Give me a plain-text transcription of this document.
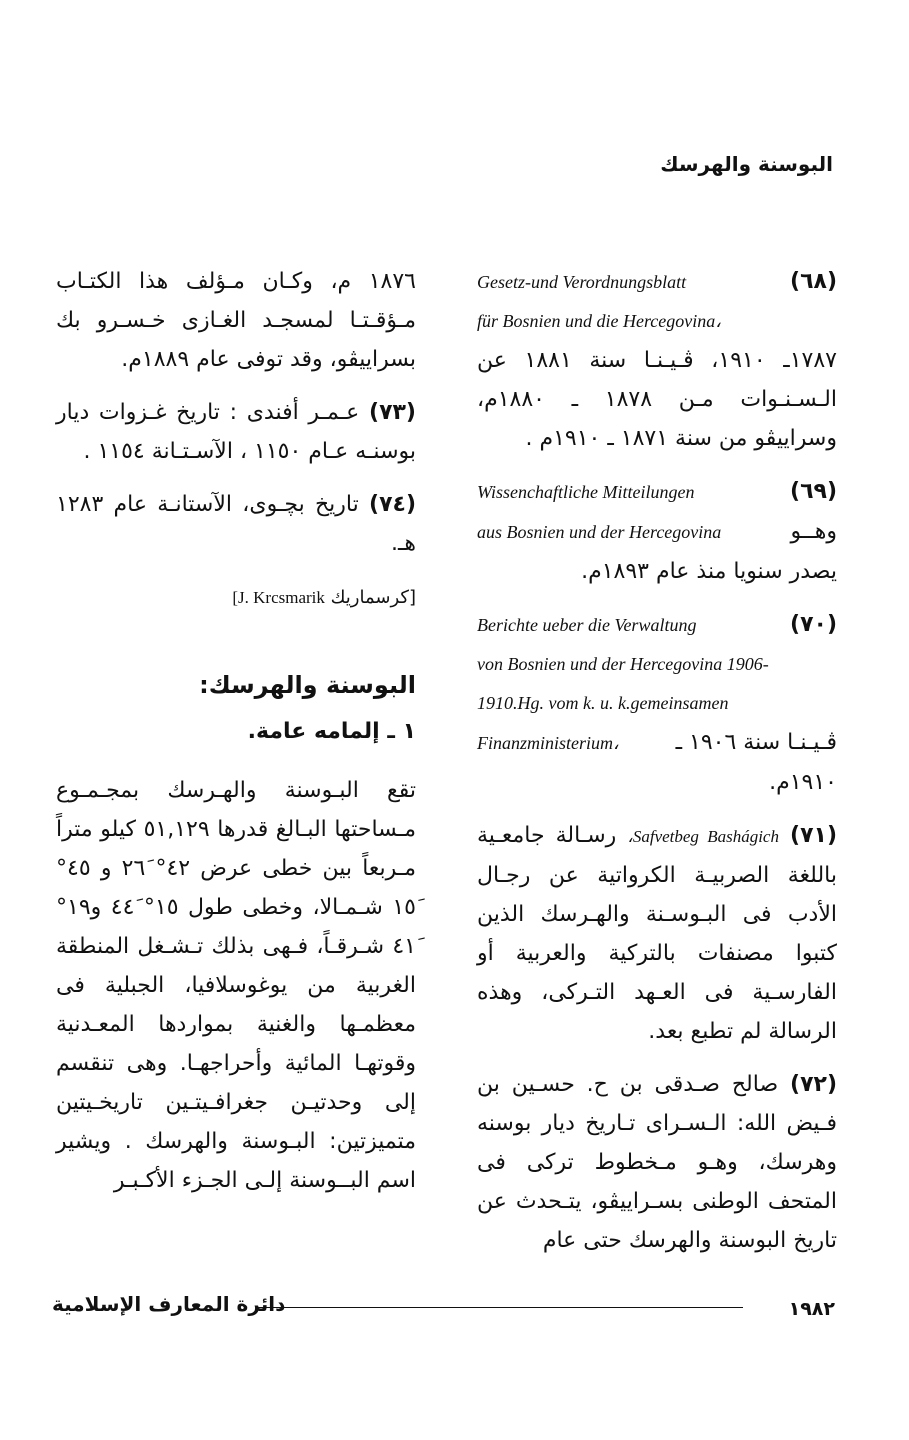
البوسنة والهرسك
(٦٨)
Gesetz-und Verordnungsblatt
für Bosnien und die Hercegovina،
١٧٨٧ـ ١٩١٠، ڤـيـنـا سنة ١٨٨١ عن الـسـنـوات مـن ١٨٧٨ ـ ١٨٨٠م، وسراييڤو من سنة ١٨٧١ ـ ١٩١٠م .
(٦٩)
Wissenchaftliche Mitteilungen
وهــو
aus Bosnien und der Hercegovina
يصدر سنويا منذ عام ١٨٩٣م.
(٧٠)
Berichte ueber die Verwaltung
von Bosnien und der Hercegovina 1906-
1910.Hg. vom k. u. k.gemeinsamen
ڤـيـنـا سنة ١٩٠٦ ـ
Finanzministerium،
١٩١٠م.
(٧١) Safvetbeg Bashágich، رسـالة جامعـية باللغة الصربيـة الكرواتية عن رجـال الأدب فى البـوسـنة والهـرسك الذين كتبوا مصنفات بالتركية والعربية أو الفارسـية فى العـهد التـركى، وهذه الرسالة لم تطبع بعد.
(٧٢) صالح صـدقى بن ح. حسـين بن فـيض الله: الـسـراى تـاريخ ديار بوسنه وهرسك، وهـو مـخطوط تركى فى المتحف الوطنى بسـراييڤو، يتـحدث عن تاريخ البوسنة والهرسك حتى عام
١٨٧٦ م، وكـان مـؤلف هذا الكتـاب مـؤقـتـا لمسجـد الغـازى خـسـرو بك بسراييڤو، وقد توفى عام ١٨٨٩م.
(٧٣) عـمـر أفندى : تاريخ غـزوات ديار بوسنـه عـام ١١٥٠ ، الآسـتـانة ١١٥٤ .
(٧٤) تاريخ بچـوى، الآستانـة عام ١٢٨٣ هـ.
[كرسماريك J. Krcsmarik]
البوسنة والهرسك:
١ ـ إلمامه عامة.
تقع البـوسنة والهـرسك بمجـمـوع مـساحتها البـالغ قدرها ٥١,١٢٩ كيلو متراً مـربعاً بين خطى عرض ٤٢° ٢٦َ و ٤٥° ١٥َ شـمـالا، وخطى طول ١٥° ٤٤َ و١٩° ٤١َ شـرقـاً، فـهى بذلك تـشـغل المنطقة الغربية من يوغوسلافيا، الجبلية فى معظمـها والغنية بمواردها المعـدنية وقوتهـا المائية وأحراجهـا. وهى تنقسم إلى وحدتيـن جغرافـيتـين تاريخـيتين متميزتين: البـوسنة والهرسك . ويشير اسم البــوسنة إلـى الجـزء الأكـبـر
دائرة المعارف الإسلامية	١٩٨٢
